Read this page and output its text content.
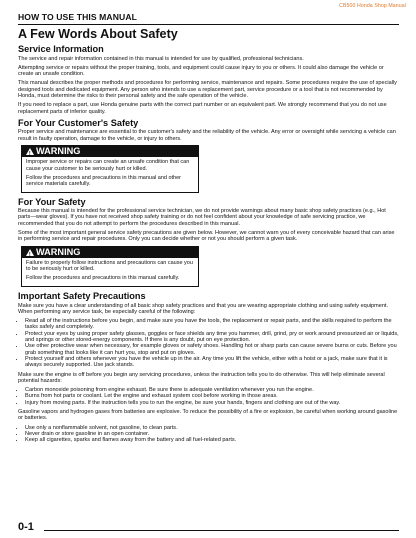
CB500 Honda Shop Manual
HOW TO USE THIS MANUAL
A Few Words About Safety
Service Information

The service and repair information contained in this manual is intended for use by qualified, professional technicians.

Attempting service or repairs without the proper training, tools, and equipment could cause injury to you or others. It could also damage the vehicle or create an unsafe condition.

This manual describes the proper methods and procedures for performing service, maintenance and repairs. Some procedures require the use of specially designed tools and dedicated equipment. Any person who intends to use a replacement part, service procedure or a tool that is not recommended by Honda, must determine the risks to their personal safety and the safe operation of the vehicle.

If you need to replace a part, use Honda genuine parts with the correct part number or an equivalent part. We strongly recommend that you do not use replacement parts of inferior quality.

For Your Customer's Safety

Proper service and maintenance are essential to the customer's safety and the reliability of the vehicle. Any error or oversight while servicing a vehicle can result in faulty operation, damage to the vehicle, or injury to others.

! WARNING

Improper service or repairs can create an unsafe condition that can cause your customer to be seriously hurt or killed.

Follow the procedures and precautions in this manual and other service materials carefully.

For Your Safety

Because this manual is intended for the professional service technician, we do not provide warnings about many basic shop safety practices (e.g., Hot parts—wear gloves). If you have not received shop safety training or do not feel confident about your knowledge of safe servicing practice, we recommended that you do not attempt to perform the procedures described in this manual.

Some of the most important general service safety precautions are given below. However, we cannot warn you of every conceivable hazard that can arise in performing service and repair procedures. Only you can decide whether or not you should perform a given task.

! WARNING

Failure to properly follow instructions and precautions can cause you to be seriously hurt or killed.

Follow the procedures and precautions in this manual carefully.

Important Safety Precautions

Make sure you have a clear understanding of all basic shop safety practices and that you are wearing appropriate clothing and using safety equipment. When performing any service task, be especially careful of the following:

• Read all of the instructions before you begin, and make sure you have the tools, the replacement or repair parts, and the skills required to perform the tasks safely and completely.
• Protect your eyes by using proper safety glasses, goggles or face shields any time you hammer, drill, grind, pry or work around pressurized air or liquids, and springs or other stored-energy components. If there is any doubt, put on eye protection.
• Use other protective wear when necessary, for example gloves or safety shoes. Handling hot or sharp parts can cause severe burns or cuts. Before you grab something that looks like it can hurt you, stop and put on gloves.
• Protect yourself and others whenever you have the vehicle up in the air. Any time you lift the vehicle, either with a hoist or a jack, make sure that it is always securely supported. Use jack stands.

Make sure the engine is off before you begin any servicing procedures, unless the instruction tells you to do otherwise. This will help eliminate several potential hazards:

• Carbon monoxide poisoning from engine exhaust. Be sure there is adequate ventilation whenever you run the engine.
• Burns from hot parts or coolant. Let the engine and exhaust system cool before working in those areas.
• Injury from moving parts. If the instruction tells you to run the engine, be sure your hands, fingers and clothing are out of the way.

Gasoline vapors and hydrogen gases from batteries are explosive. To reduce the possibility of a fire or explosion, be careful when working around gasoline or batteries.

• Use only a nonflammable solvent, not gasoline, to clean parts.
• Never drain or store gasoline in an open container.
• Keep all cigarettes, sparks and flames away from the battery and all fuel-related parts.
0-1
